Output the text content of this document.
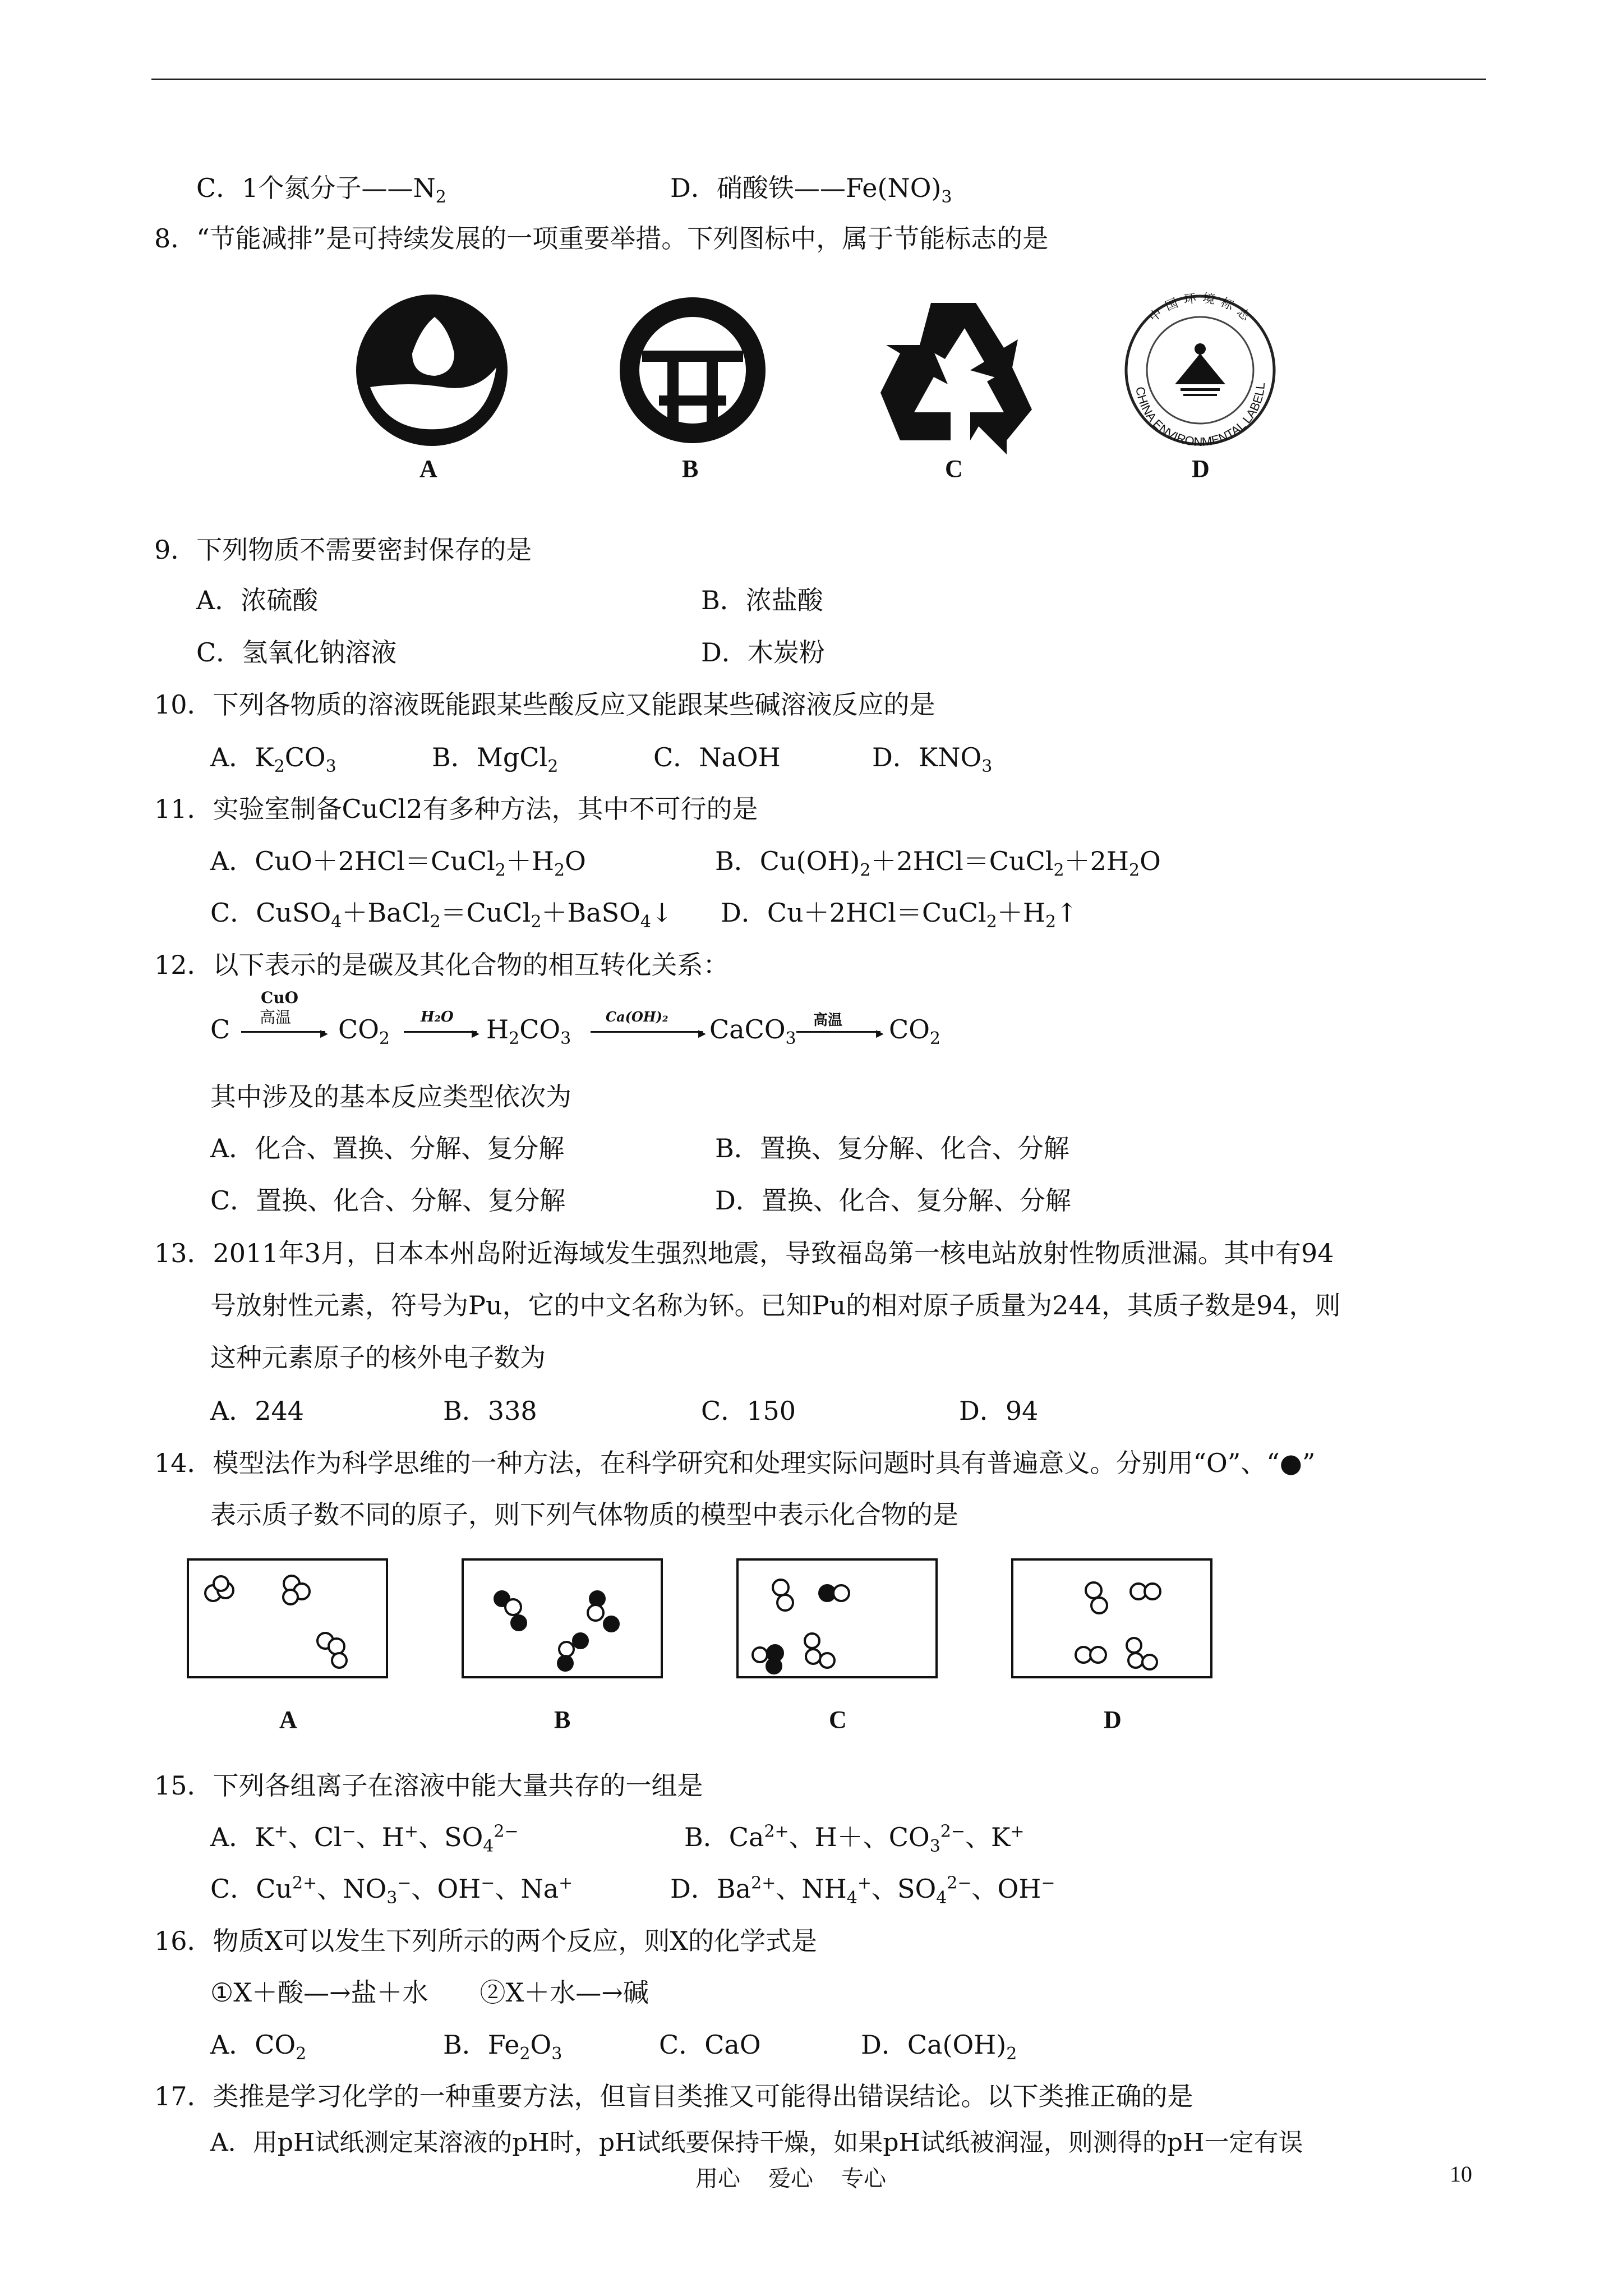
C．1个氮分子$——N_2$	D．硝酸铁$——Fe(NO)_3$
8．“节能减排”是可持续发展的一项重要举措。下列图标中，属于节能标志的是
CHINA ENVIRONMENTAL LABELL
中国环境标志
A	B	C	D
9．下列物质不需要密封保存的是
A．浓硫酸	B．浓盐酸
C．氢氧化钠溶液	D．木炭粉
10．下列各物质的溶液既能跟某些酸反应又能跟某些碱溶液反应的是
A．$K_2CO_3$	B．MgCl$_2$	C．NaOH	D．$KNO_3$
11．实验室制备CuCl2有多种方法，其中不可行的是
A．$CuO+2HCl=CuCl_2+H_2O$	B．$Cu(OH)_2+2HCl=CuCl_2+2H_2O$
C．CuSO$_4$＋BaCl$_2$＝CuCl$_2$＋BaSO$_4$↓ D．$Cu+2HCl=CuCl_2+H_2↑$
12．以下表示的是碳及其化合物的相互转化关系：
C
CuO
高温
▶ $CO_2$
H₂O
▶ $H_2CO_3$
Ca(OH)₂
▶ CaCO$_3$
高温
▶ $CO_2$
其中涉及的基本反应类型依次为
A．化合、置换、分解、复分解	B．置换、复分解、化合、分解
C．置换、化合、分解、复分解	D．置换、化合、复分解、分解
13．2011年3月，日本本州岛附近海域发生强烈地震，导致福岛第一核电站放射性物质泄漏。其中有94
号放射性元素，符号为Pu，它的中文名称为钚。已知Pu的相对原子质量为244，其质子数是94，则
这种元素原子的核外电子数为
A．244	B．338	C．150	D．94
14．模型法作为科学思维的一种方法，在科学研究和处理实际问题时具有普遍意义。分别用“O”、“●”
表示质子数不同的原子，则下列气体物质的模型中表示化合物的是
A	B	C	D
15．下列各组离子在溶液中能大量共存的一组是
A．K+、Cl−、H+、$SO_4^{2-}$	B．$Ca^{2+}$、H＋、$CO_3^{2-}$、K+
C．$Cu^{2+}$、$NO_3^-$、OH−、Na+	D．$Ba^{2+}$、$NH_4^+$、$SO_4^{2-}$、OH−
16．物质X可以发生下列所示的两个反应，则X的化学式是
①X＋酸—→盐＋水　　②X＋水—→碱
A．$CO_2$	B．$Fe_2O_3$	C．CaO	D．$Ca(OH)_2$
17．类推是学习化学的一种重要方法，但盲目类推又可能得出错误结论。以下类推正确的是
A．用pH试纸测定某溶液的pH时，pH试纸要保持干燥，如果pH试纸被润湿，则测得的pH一定有误
用心 爱心 专心	10
